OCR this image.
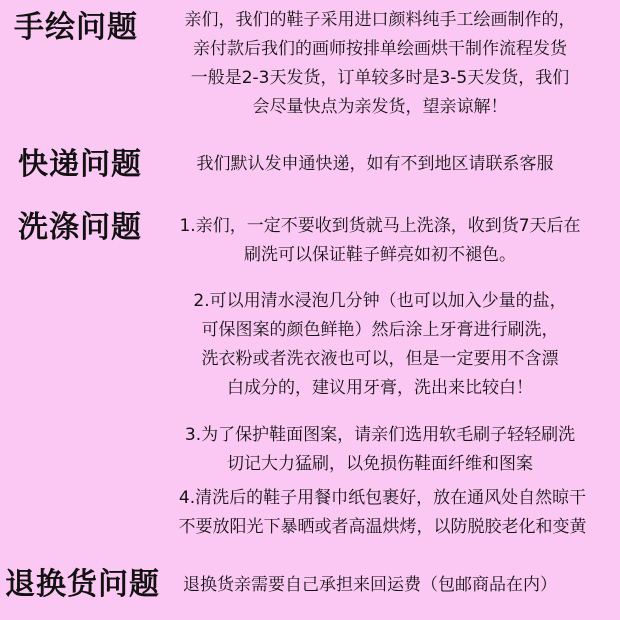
手绘问题	亲们，我们的鞋子采用进口颜料纯手工绘画制作的，
亲付款后我们的画师按排单绘画烘干制作流程发货
一般是2-3天发货，订单较多时是3-5天发货，我们
会尽量快点为亲发货，望亲谅解！
快递问题	我们默认发申通快递，如有不到地区请联系客服
洗涤问题	1.亲们，一定不要收到货就马上洗涤，收到货7天后在
刷洗可以保证鞋子鲜亮如初不褪色。
2.可以用清水浸泡几分钟（也可以加入少量的盐，
可保图案的颜色鲜艳）然后涂上牙膏进行刷洗，
洗衣粉或者洗衣液也可以，但是一定要用不含漂
白成分的，建议用牙膏，洗出来比较白！
3.为了保护鞋面图案，请亲们选用软毛刷子轻轻刷洗
切记大力猛刷，以免损伤鞋面纤维和图案
4.清洗后的鞋子用餐巾纸包裹好，放在通风处自然晾干
不要放阳光下暴晒或者高温烘烤，以防脱胶老化和变黄
退换货问题	退换货亲需要自己承担来回运费（包邮商品在内）
